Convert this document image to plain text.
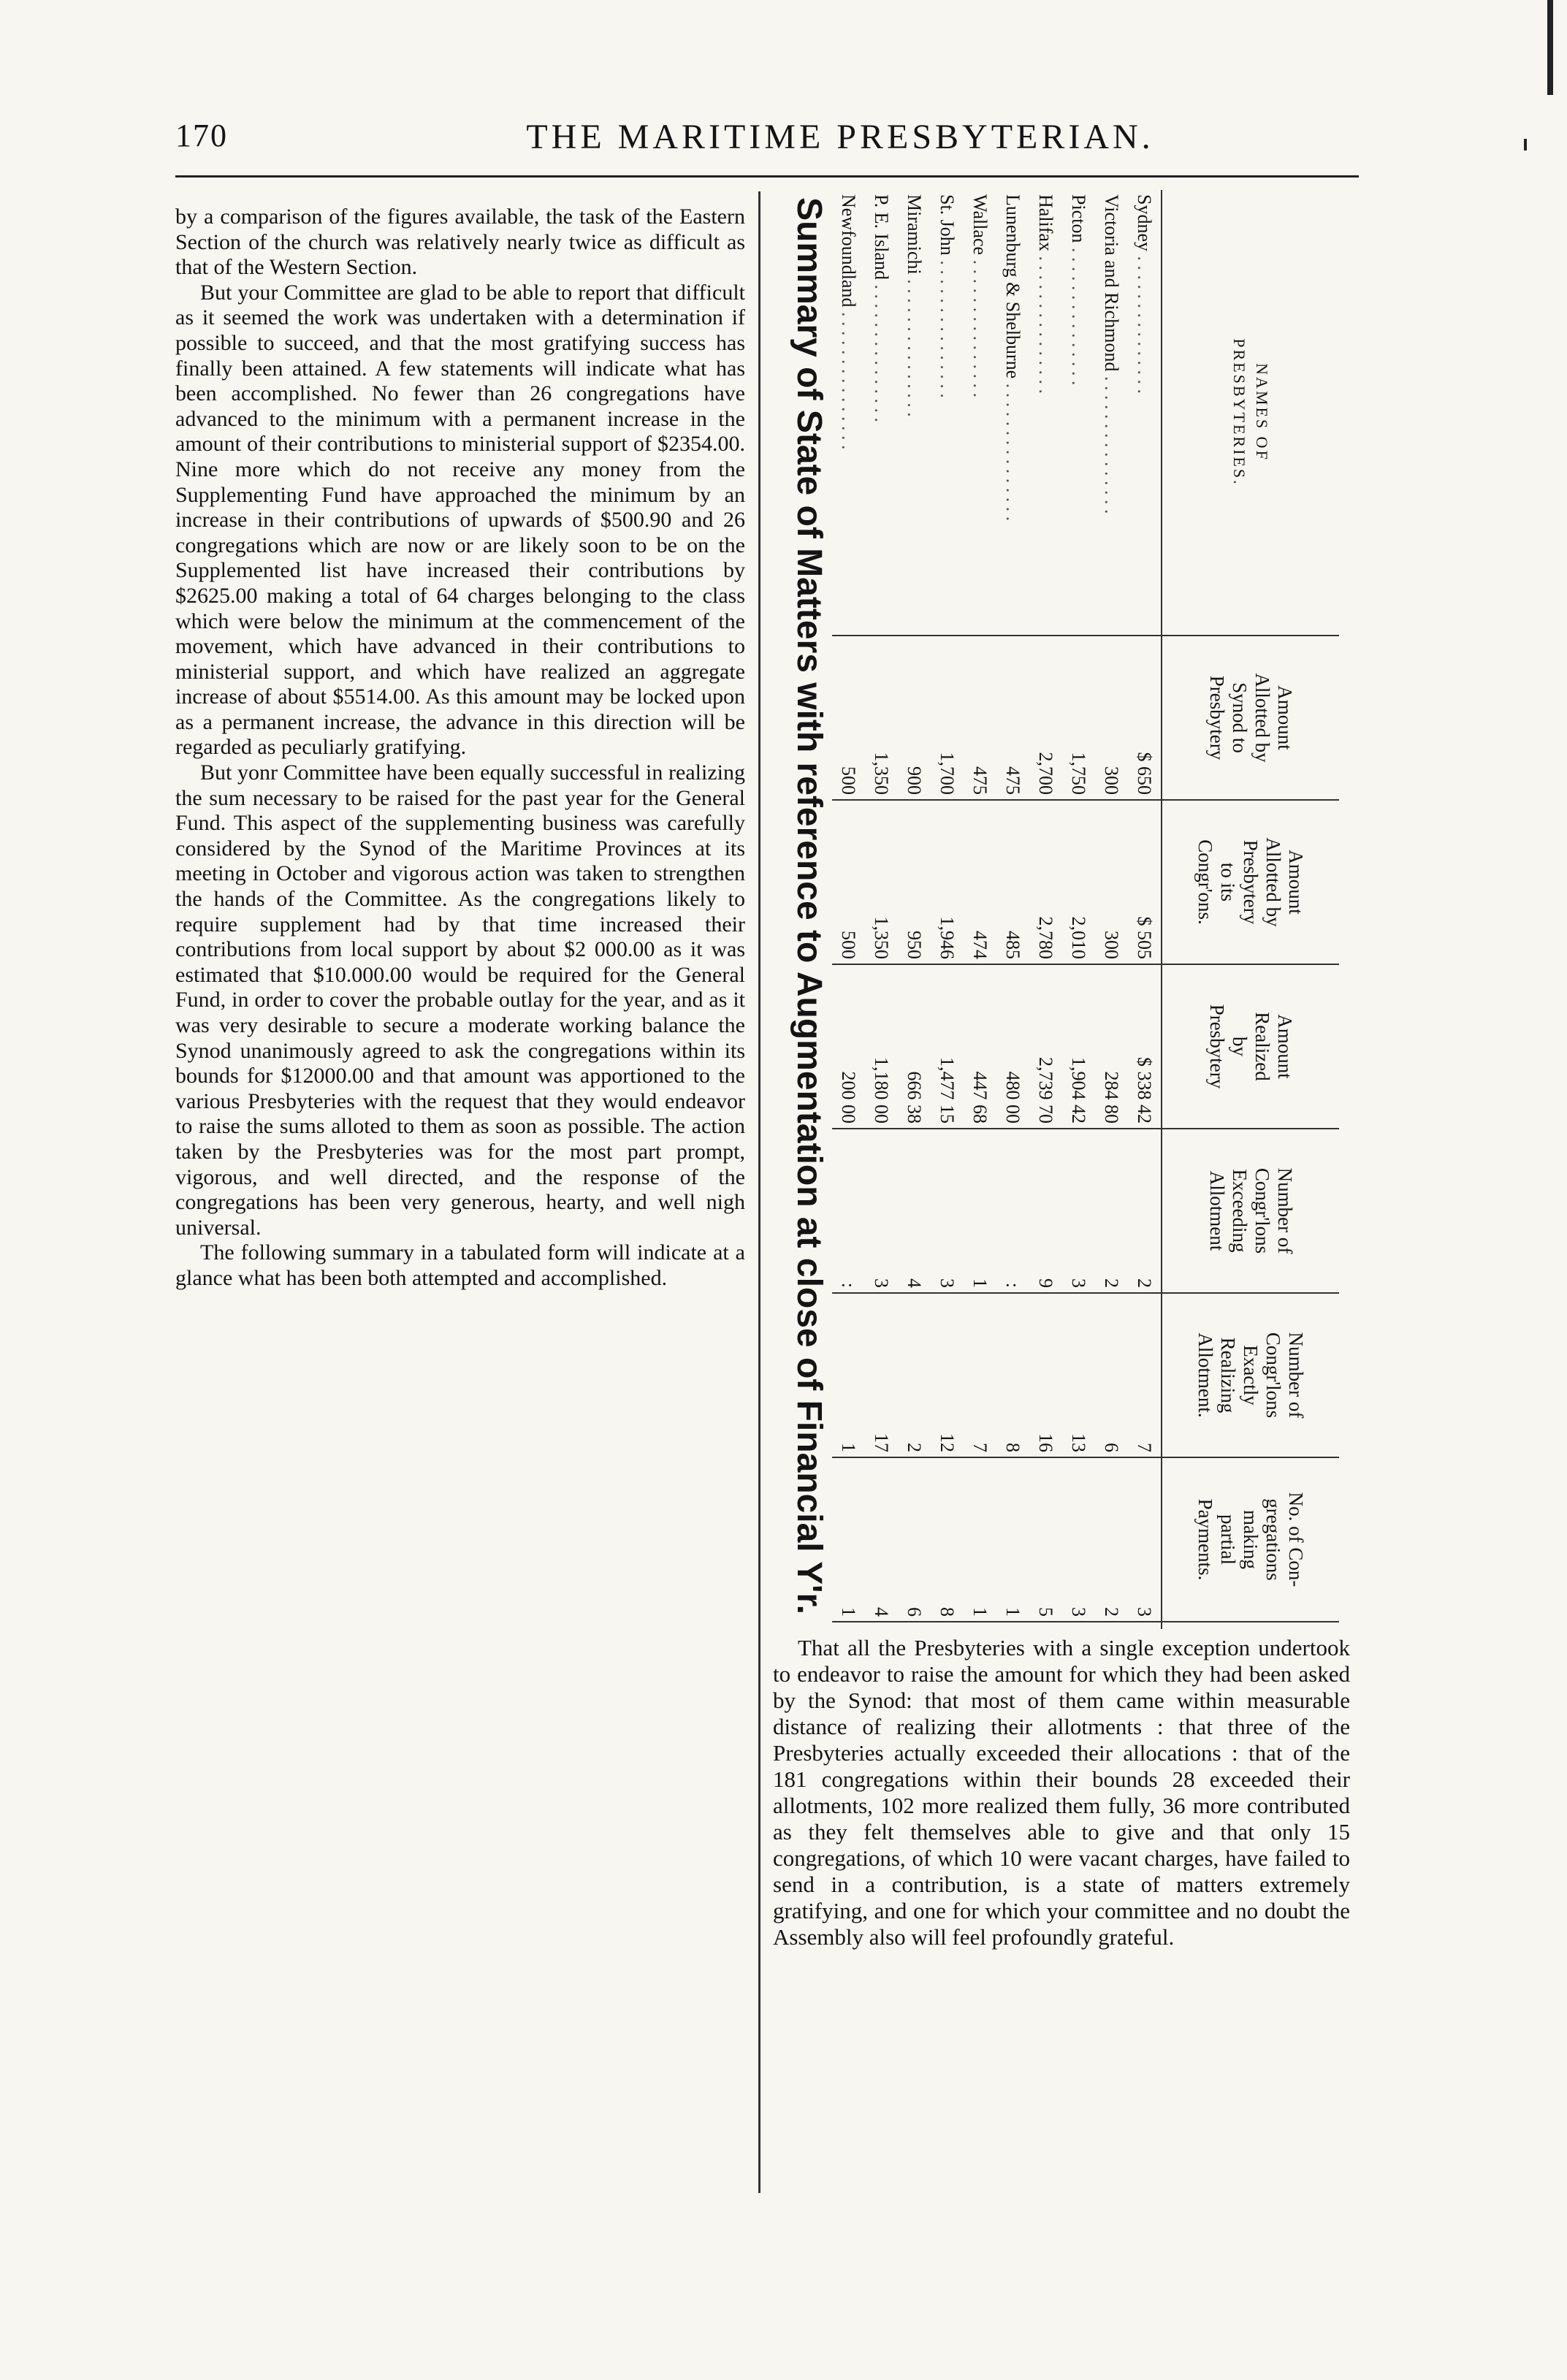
170	THE MARITIME PRESBYTERIAN.

by a comparison of the figures available, the task of the Eastern Section of the church was relatively nearly twice as difficult as that of the Western Section.

But your Committee are glad to be able to report that difficult as it seemed the work was undertaken with a determination if possible to succeed, and that the most gratifying success has finally been attained. A few statements will indicate what has been accomplished. No fewer than 26 congregations have advanced to the minimum with a permanent increase in the amount of their contributions to ministerial support of $2354.00. Nine more which do not receive any money from the Supplementing Fund have approached the minimum by an increase in their contributions of upwards of $500.90 and 26 congregations which are now or are likely soon to be on the Supplemented list have increased their contributions by $2625.00 making a total of 64 charges belonging to the class which were below the minimum at the commencement of the movement, which have advanced in their contributions to ministerial support, and which have realized an aggregate increase of about $5514.00. As this amount may be locked upon as a permanent increase, the advance in this direction will be regarded as peculiarly gratifying.

But yonr Committee have been equally successful in realizing the sum necessary to be raised for the past year for the General Fund. This aspect of the supplementing business was carefully considered by the Synod of the Maritime Provinces at its meeting in October and vigorous action was taken to strengthen the hands of the Committee. As the congregations likely to require supplement had by that time increased their contributions from local support by about $2 000.00 as it was estimated that $10.000.00 would be required for the General Fund, in order to cover the probable outlay for the year, and as it was very desirable to secure a moderate working balance the Synod unanimously agreed to ask the congregations within its bounds for $12000.00 and that amount was apportioned to the various Presbyteries with the request that they would endeavor to raise the sums alloted to them as soon as possible. The action taken by the Presbyteries was for the most part prompt, vigorous, and well directed, and the response of the congregations has been very generous, hearty, and well nigh universal.

The following summary in a tabulated form will indicate at a glance what has been both attempted and accomplished.	Summary of State of Matters with reference to Augmentation at close of Financial Y'r.	NAMES OF
PRESBYTERIES.	Amount
Allotted by
Synod to
Presbytery	Amount
Allotted by
Presbytery
to its
Congr'ons.	Amount
Realized
by
Presbytery	Number of
Congr'lons
Exceeding
Allotment	Number of
Congr'lons
Exactly
Realizing
Allotment.	No. of Con-
gregations
making
partial
Payments.	
Sydney . . .	$ 650	$ 505	$ 338 42	2	7	3	
Victoria and Richmond . . .	300	300	284 80	2	6	2	
Picton . . .	1,750	2,010	1,904 42	3	13	3	
Halifax . . .	2,700	2,780	2,739 70	9	16	5	
Lunenburg & Shelburne . . .	475	485	480 00	:	8	1	
Wallace . . .	475	474	447 68	1	7	1	
St. John . . .	1,700	1,946	1,477 15	3	12	8	
Miramichi . . .	900	950	666 38	4	2	6	
P. E. Island . . .	1,350	1,350	1,180 00	3	17	4	
Newfoundland . . .	500	500	200 00	:	1	1	

That all the Presbyteries with a single exception undertook to endeavor to raise the amount for which they had been asked by the Synod: that most of them came within measurable distance of realizing their allotments : that three of the Presbyteries actually exceeded their allocations : that of the 181 congregations within their bounds 28 exceeded their allotments, 102 more realized them fully, 36 more contributed as they felt themselves able to give and that only 15 congregations, of which 10 were vacant charges, have failed to send in a contribution, is a state of matters extremely gratifying, and one for which your committee and no doubt the Assembly also will feel profoundly grateful.
